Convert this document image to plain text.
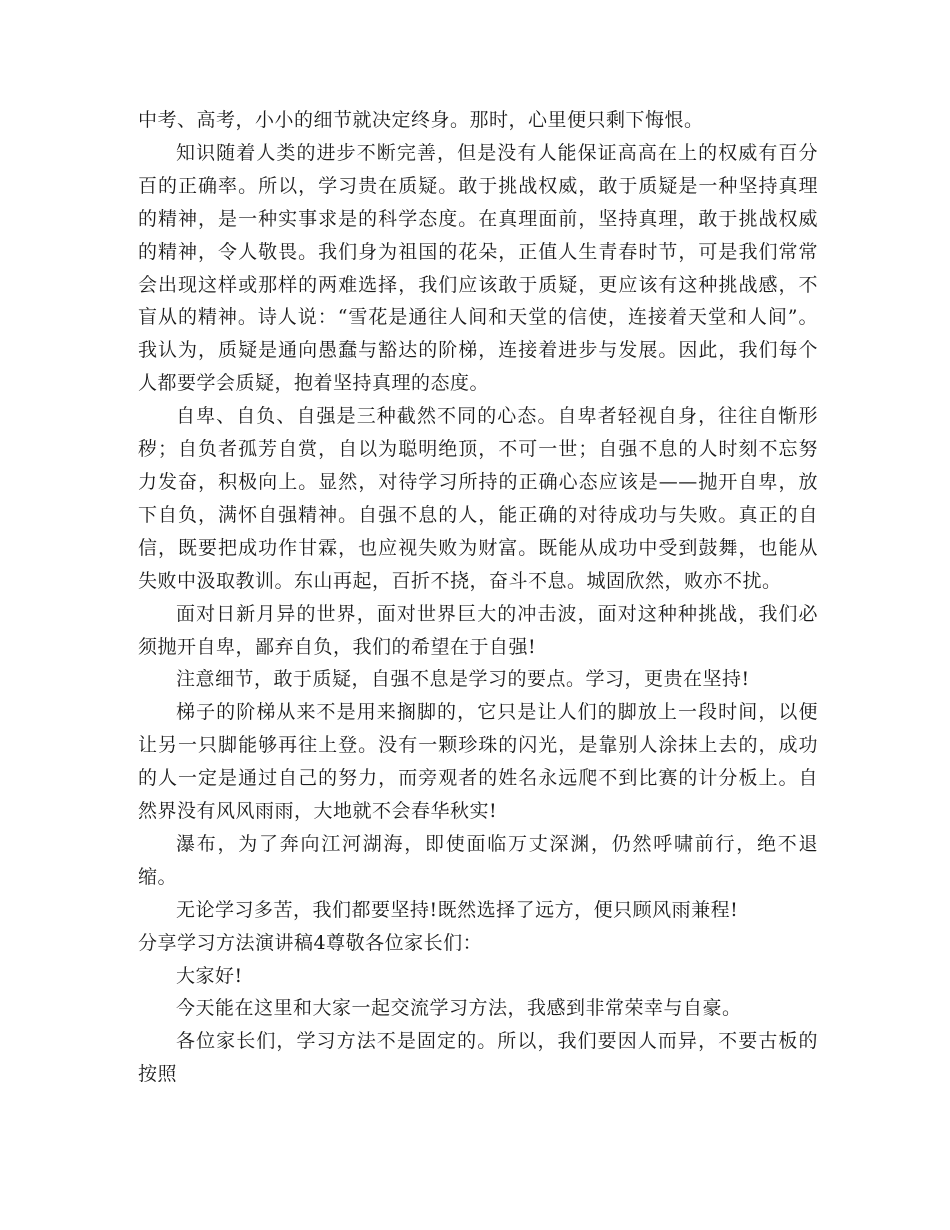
中考、高考，小小的细节就决定终身。那时，心里便只剩下悔恨。

知识随着人类的进步不断完善，但是没有人能保证高高在上的权威有百分百的正确率。所以，学习贵在质疑。敢于挑战权威，敢于质疑是一种坚持真理的精神，是一种实事求是的科学态度。在真理面前，坚持真理，敢于挑战权威的精神，令人敬畏。我们身为祖国的花朵，正值人生青春时节，可是我们常常会出现这样或那样的两难选择，我们应该敢于质疑，更应该有这种挑战感，不盲从的精神。诗人说：“雪花是通往人间和天堂的信使，连接着天堂和人间”。我认为，质疑是通向愚蠢与豁达的阶梯，连接着进步与发展。因此，我们每个人都要学会质疑，抱着坚持真理的态度。

自卑、自负、自强是三种截然不同的心态。自卑者轻视自身，往往自惭形秽；自负者孤芳自赏，自以为聪明绝顶，不可一世；自强不息的人时刻不忘努力发奋，积极向上。显然，对待学习所持的正确心态应该是——抛开自卑，放下自负，满怀自强精神。自强不息的人，能正确的对待成功与失败。真正的自信，既要把成功作甘霖，也应视失败为财富。既能从成功中受到鼓舞，也能从失败中汲取教训。东山再起，百折不挠，奋斗不息。城固欣然，败亦不扰。

面对日新月异的世界，面对世界巨大的冲击波，面对这种种挑战，我们必须抛开自卑，鄙弃自负，我们的希望在于自强!

注意细节，敢于质疑，自强不息是学习的要点。学习，更贵在坚持!

梯子的阶梯从来不是用来搁脚的，它只是让人们的脚放上一段时间，以便让另一只脚能够再往上登。没有一颗珍珠的闪光，是靠别人涂抹上去的，成功的人一定是通过自己的努力，而旁观者的姓名永远爬不到比赛的计分板上。自然界没有风风雨雨，大地就不会春华秋实!

瀑布，为了奔向江河湖海，即使面临万丈深渊，仍然呼啸前行，绝不退缩。

无论学习多苦，我们都要坚持!既然选择了远方，便只顾风雨兼程!

分享学习方法演讲稿4尊敬各位家长们：

大家好!

今天能在这里和大家一起交流学习方法，我感到非常荣幸与自豪。

各位家长们，学习方法不是固定的。所以，我们要因人而异，不要古板的按照
